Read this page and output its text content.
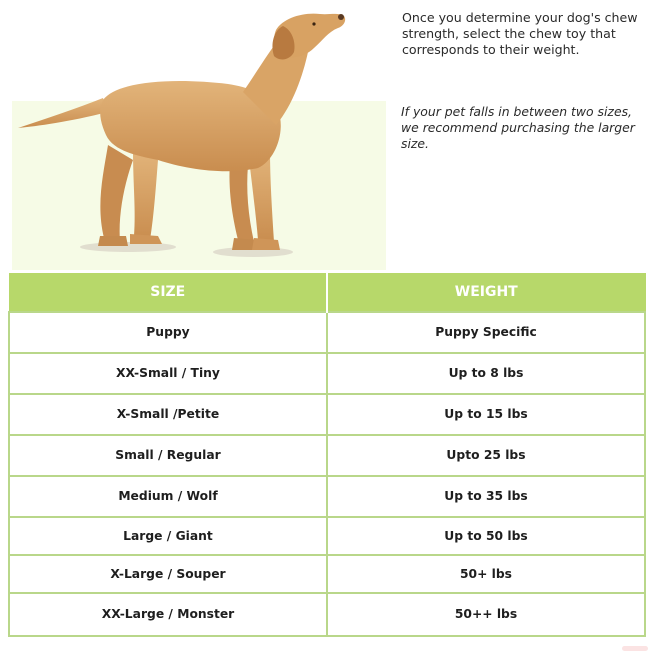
Once you determine your dog's chew strength, select the chew toy that corresponds to their weight.

If your pet falls in between two sizes, we recommend purchasing the larger size.

SIZE	WEIGHT
Puppy	Puppy Specific
XX-Small / Tiny	Up to 8 lbs
X-Small /Petite	Up to 15 lbs
Small / Regular	Upto 25 lbs
Medium / Wolf	Up to 35 lbs
Large / Giant	Up to 50 lbs
X-Large / Souper	50+ lbs
XX-Large / Monster	50++ lbs
